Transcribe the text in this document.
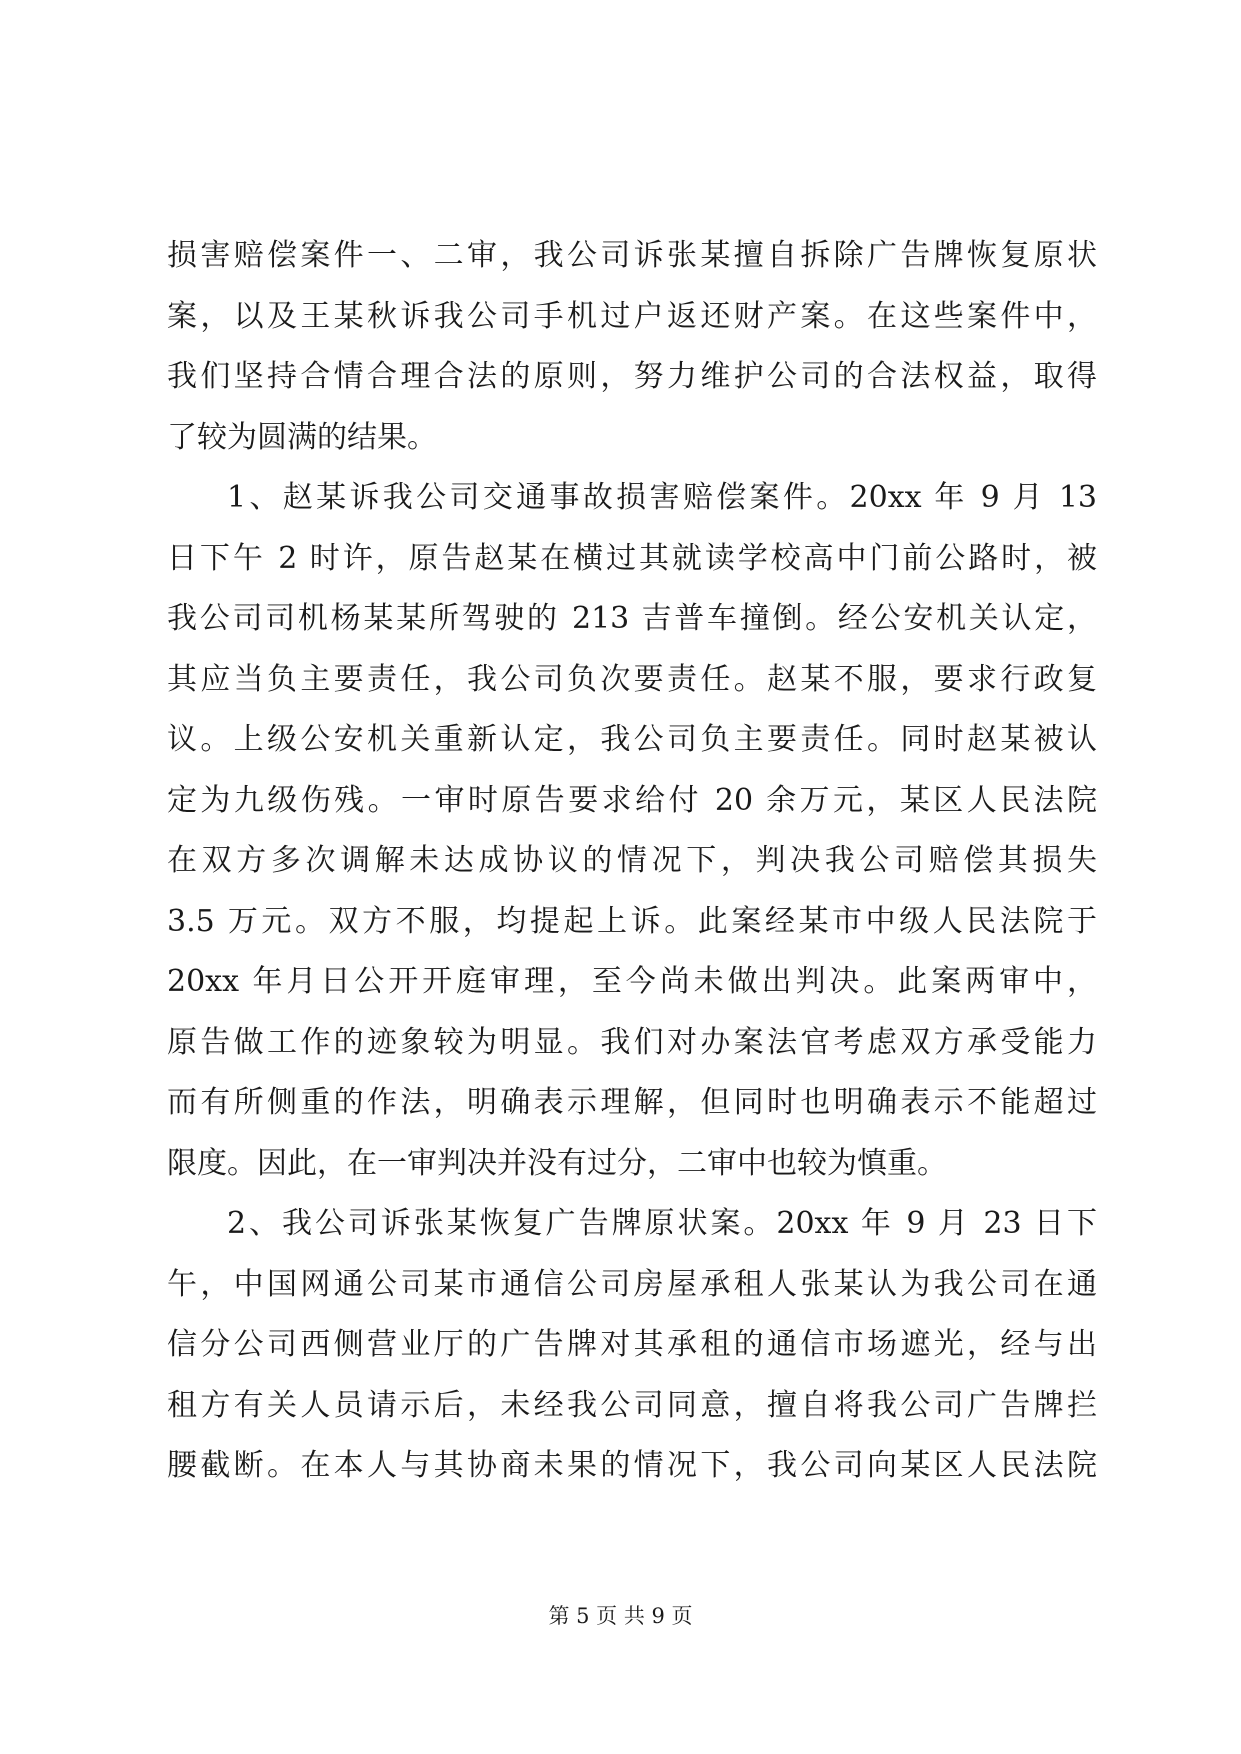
损害赔偿案件一、二审，我公司诉张某擅自拆除广告牌恢复原状
案，以及王某秋诉我公司手机过户返还财产案。在这些案件中，
我们坚持合情合理合法的原则，努力维护公司的合法权益，取得
了较为圆满的结果。
1、赵某诉我公司交通事故损害赔偿案件。20xx 年 9 月 13
日下午 2 时许，原告赵某在横过其就读学校高中门前公路时，被
我公司司机杨某某所驾驶的 213 吉普车撞倒。经公安机关认定，
其应当负主要责任，我公司负次要责任。赵某不服，要求行政复
议。上级公安机关重新认定，我公司负主要责任。同时赵某被认
定为九级伤残。一审时原告要求给付 20 余万元，某区人民法院
在双方多次调解未达成协议的情况下，判决我公司赔偿其损失
3.5 万元。双方不服，均提起上诉。此案经某市中级人民法院于
20xx 年月日公开开庭审理，至今尚未做出判决。此案两审中，
原告做工作的迹象较为明显。我们对办案法官考虑双方承受能力
而有所侧重的作法，明确表示理解，但同时也明确表示不能超过
限度。因此，在一审判决并没有过分，二审中也较为慎重。
2、我公司诉张某恢复广告牌原状案。20xx 年 9 月 23 日下
午，中国网通公司某市通信公司房屋承租人张某认为我公司在通
信分公司西侧营业厅的广告牌对其承租的通信市场遮光，经与出
租方有关人员请示后，未经我公司同意，擅自将我公司广告牌拦
腰截断。在本人与其协商未果的情况下，我公司向某区人民法院
第 5 页 共 9 页
